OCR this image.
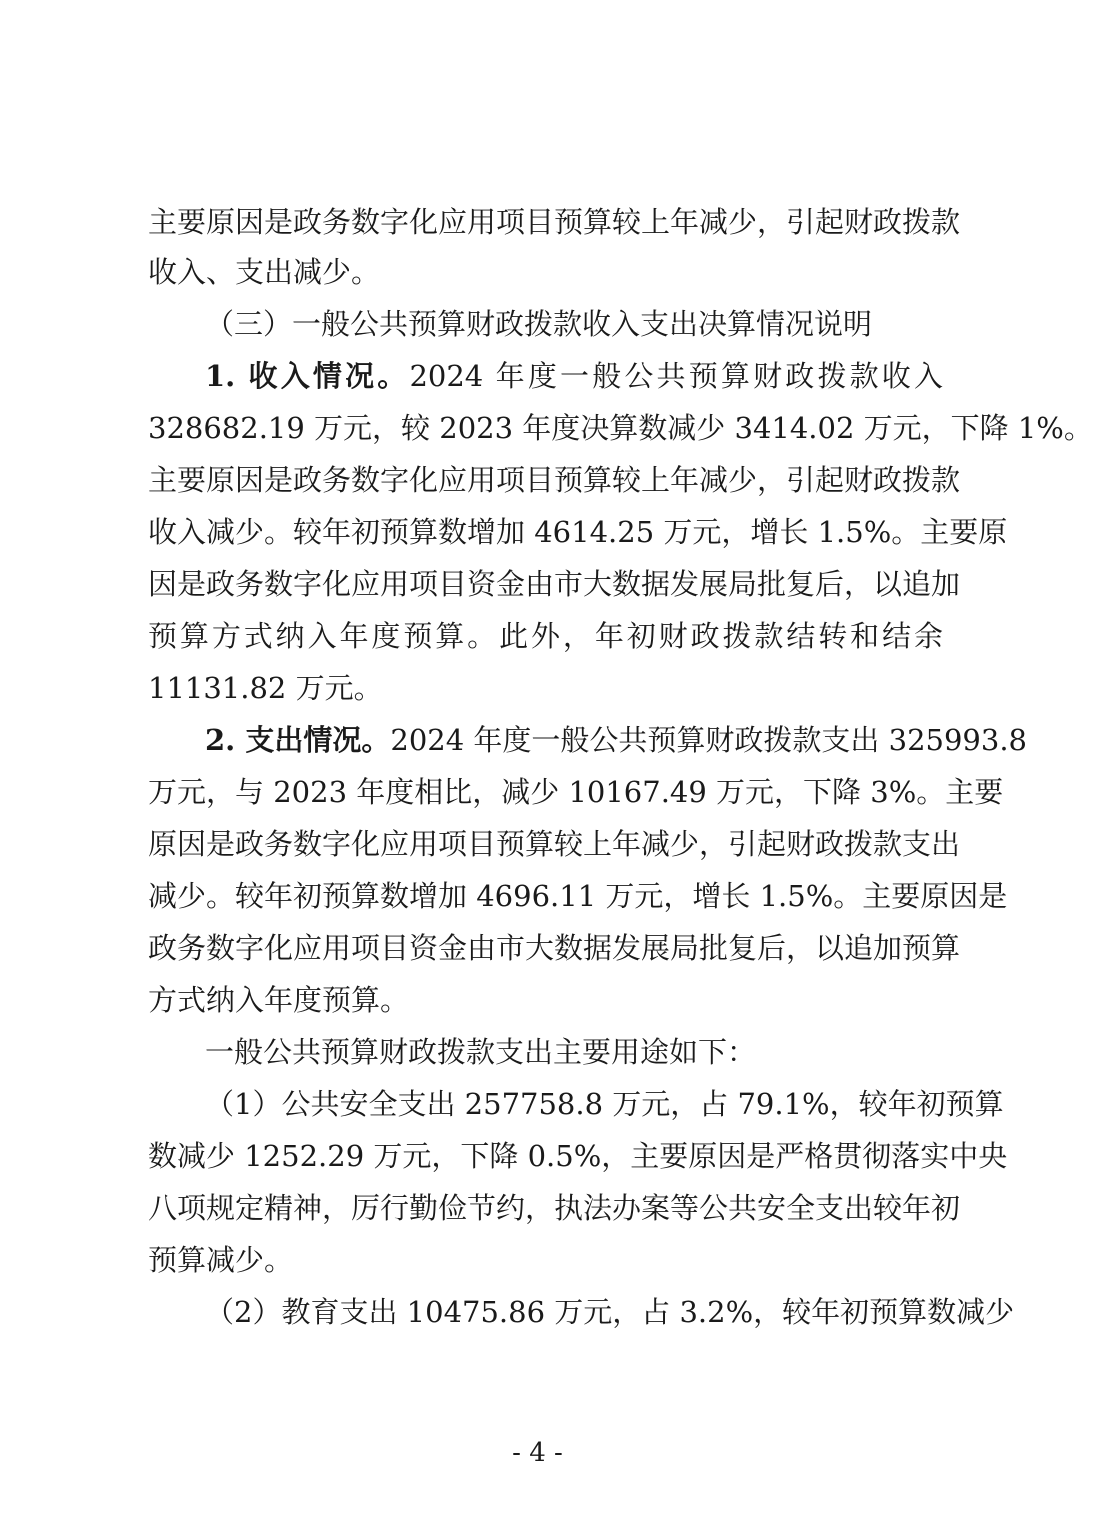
主要原因是政务数字化应用项目预算较上年减少，引起财政拨款
收入、支出减少。
（三）一般公共预算财政拨款收入支出决算情况说明
1. 收入情况。2024 年度一般公共预算财政拨款收入
328682.19 万元，较 2023 年度决算数减少 3414.02 万元，下降 1%。
主要原因是政务数字化应用项目预算较上年减少，引起财政拨款
收入减少。较年初预算数增加 4614.25 万元，增长 1.5%。主要原
因是政务数字化应用项目资金由市大数据发展局批复后，以追加
预算方式纳入年度预算。此外，年初财政拨款结转和结余
11131.82 万元。
2. 支出情况。2024 年度一般公共预算财政拨款支出 325993.8
万元，与 2023 年度相比，减少 10167.49 万元，下降 3%。主要
原因是政务数字化应用项目预算较上年减少，引起财政拨款支出
减少。较年初预算数增加 4696.11 万元，增长 1.5%。主要原因是
政务数字化应用项目资金由市大数据发展局批复后，以追加预算
方式纳入年度预算。
一般公共预算财政拨款支出主要用途如下：
（1）公共安全支出 257758.8 万元，占 79.1%，较年初预算
数减少 1252.29 万元，下降 0.5%，主要原因是严格贯彻落实中央
八项规定精神，厉行勤俭节约，执法办案等公共安全支出较年初
预算减少。
（2）教育支出 10475.86 万元，占 3.2%，较年初预算数减少
- 4 -
